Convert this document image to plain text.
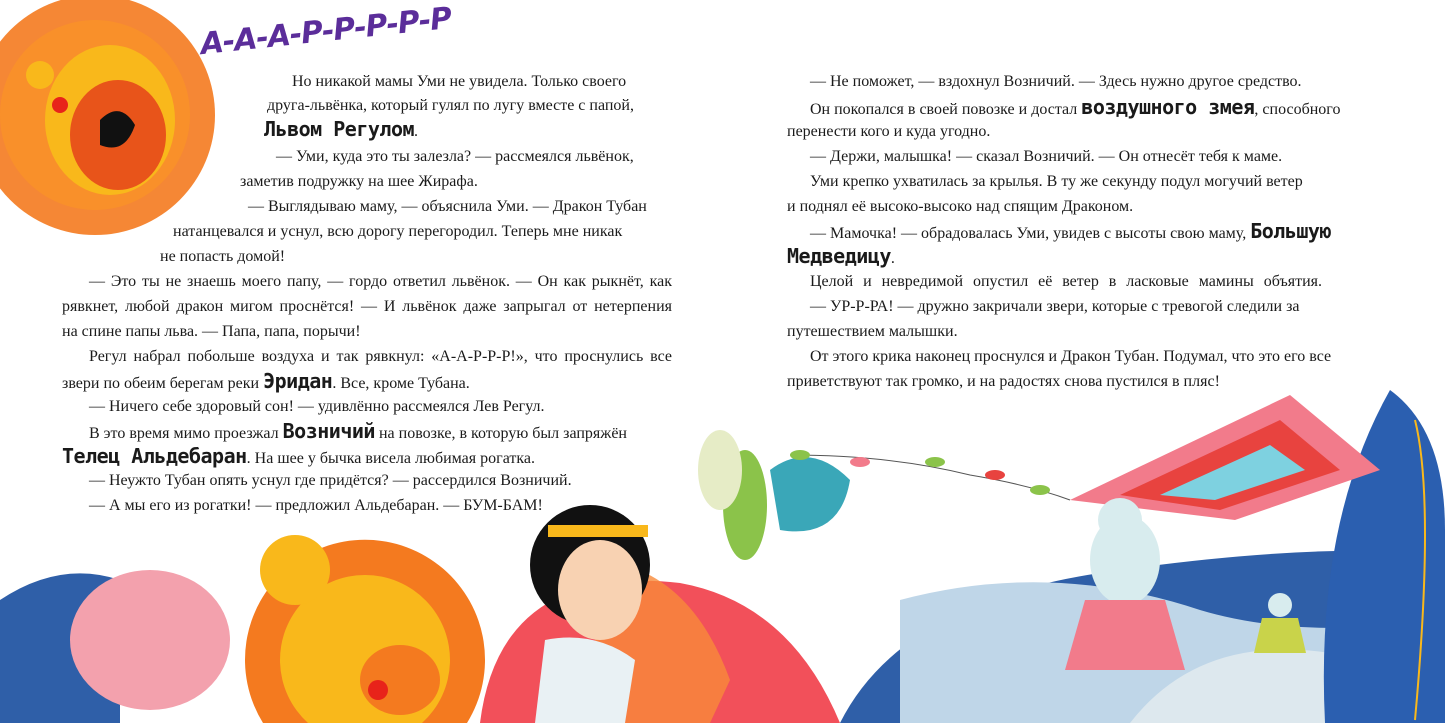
А-А-А-Р-Р-Р-Р-Р
Но никакой мамы Уми не увидела. Только своего
друга-львёнка, который гулял по лугу вместе с папой,
Львом Регулом.
— Уми, куда это ты залезла? — рассмеялся львёнок,
заметив подружку на шее Жирафа.
— Выглядываю маму, — объяснила Уми. — Дракон Тубан
натанцевался и уснул, всю дорогу перегородил. Теперь мне никак
не попасть домой!
— Это ты не знаешь моего папу, — гордо ответил львёнок. — Он как рыкнёт, как
рявкнет, любой дракон мигом проснётся! — И львёнок даже запрыгал от нетерпения
на спине папы льва. — Папа, папа, порычи!
Регул набрал побольше воздуха и так рявкнул: «А-А-Р-Р-Р!», что проснулись все
звери по обеим берегам реки Эридан. Все, кроме Тубана.
— Ничего себе здоровый сон! — удивлённо рассмеялся Лев Регул.
В это время мимо проезжал Возничий на повозке, в которую был запряжён
Телец Альдебаран. На шее у бычка висела любимая рогатка.
— Неужто Тубан опять уснул где придётся? — рассердился Возничий.
— А мы его из рогатки! — предложил Альдебаран. — БУМ-БАМ!
— Не поможет, — вздохнул Возничий. — Здесь нужно другое средство.
Он покопался в своей повозке и достал воздушного змея, способного
перенести кого и куда угодно.
— Держи, малышка! — сказал Возничий. — Он отнесёт тебя к маме.
Уми крепко ухватилась за крылья. В ту же секунду подул могучий ветер
и поднял её высоко-высоко над спящим Драконом.
— Мамочка! — обрадовалась Уми, увидев с высоты свою маму, Большую
Медведицу.
Целой и невредимой опустил её ветер в ласковые мамины объятия.
— УР-Р-РА! — дружно закричали звери, которые с тревогой следили за
путешествием малышки.
От этого крика наконец проснулся и Дракон Тубан. Подумал, что это его все
приветствуют так громко, и на радостях снова пустился в пляс!
